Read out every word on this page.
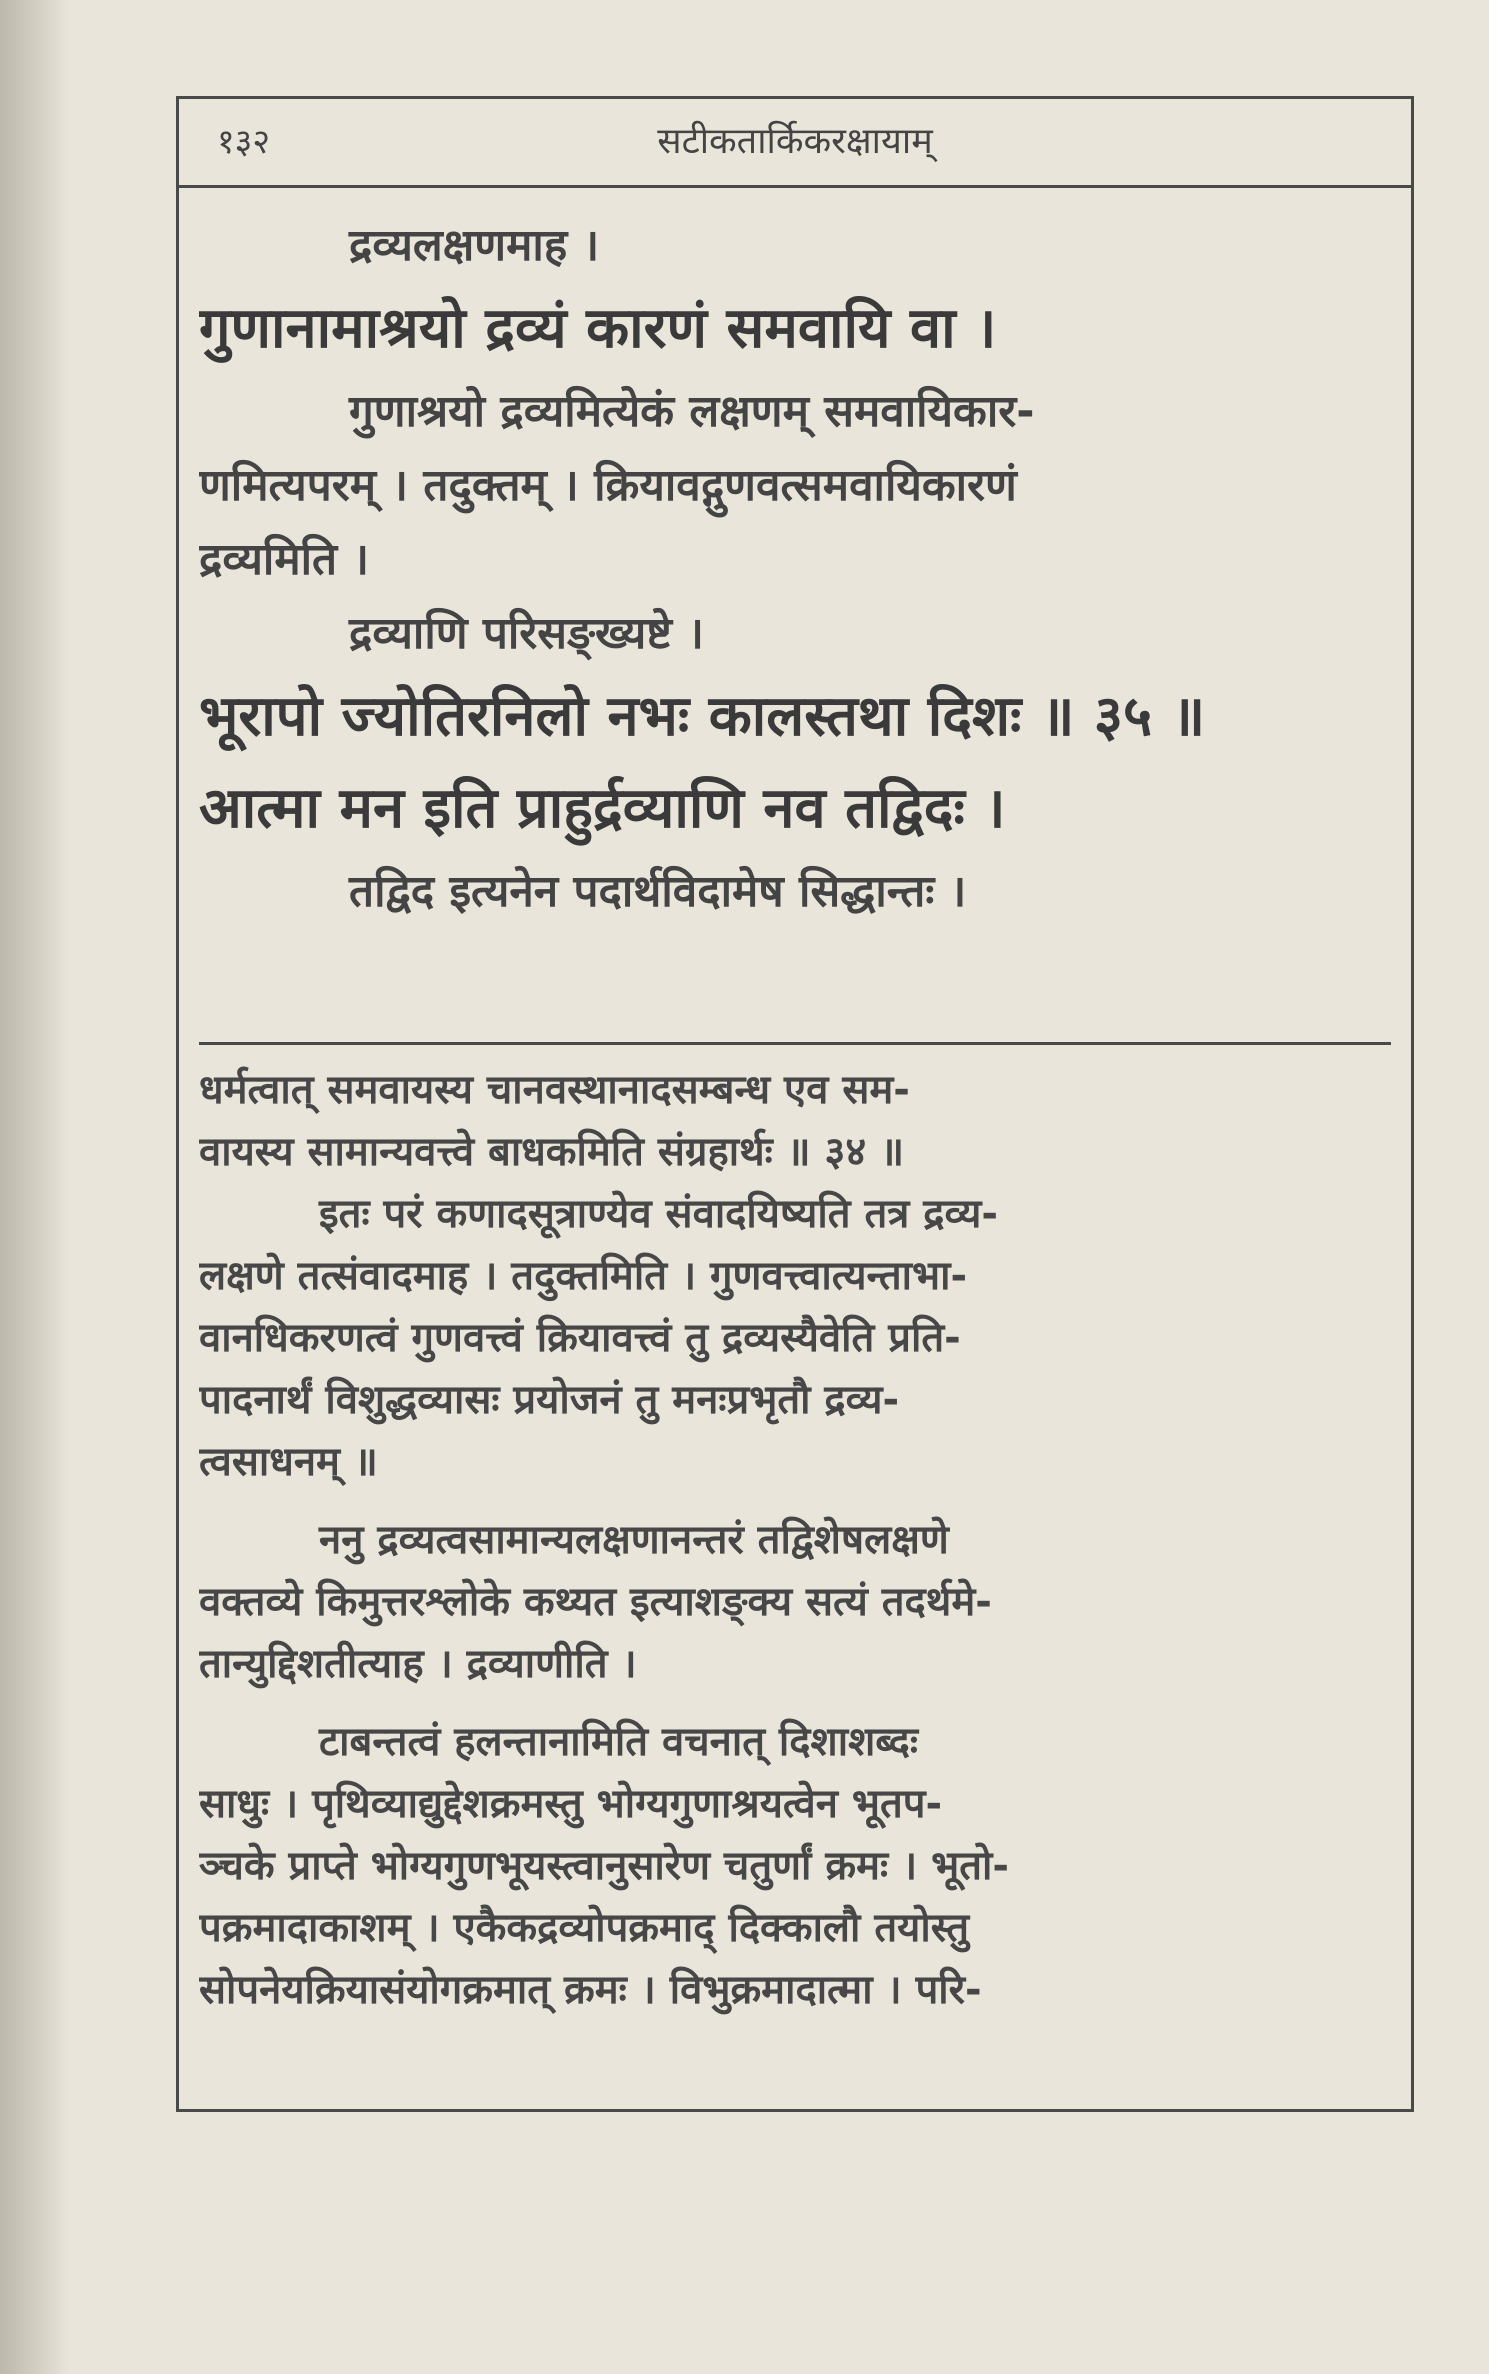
१३२	सटीकतार्किकरक्षायाम्
द्रव्यलक्षणमाह ।
गुणानामाश्रयो द्रव्यं कारणं समवायि वा ।
गुणाश्रयो द्रव्यमित्येकं लक्षणम् समवायिकार-
णमित्यपरम् । तदुक्तम् । क्रियावद्गुणवत्समवायिकारणं
द्रव्यमिति ।
द्रव्याणि परिसङ्ख्यष्टे ।
भूरापो ज्योतिरनिलो नभः कालस्तथा दिशः ॥ ३५ ॥
आत्मा मन इति प्राहुर्द्रव्याणि नव तद्विदः ।
तद्विद इत्यनेन पदार्थविदामेष सिद्धान्तः ।
धर्मत्वात् समवायस्य चानवस्थानादसम्बन्ध एव सम-
वायस्य सामान्यवत्त्वे बाधकमिति संग्रहार्थः ॥ ३४ ॥
इतः परं कणादसूत्राण्येव संवादयिष्यति तत्र द्रव्य-
लक्षणे तत्संवादमाह । तदुक्तमिति । गुणवत्त्वात्यन्ताभा-
वानधिकरणत्वं गुणवत्त्वं क्रियावत्त्वं तु द्रव्यस्यैवेति प्रति-
पादनार्थं विशुद्धव्यासः प्रयोजनं तु मनःप्रभृतौ द्रव्य-
त्वसाधनम् ॥
ननु द्रव्यत्वसामान्यलक्षणानन्तरं तद्विशेषलक्षणे
वक्तव्ये किमुत्तरश्लोके कथ्यत इत्याशङ्क्य सत्यं तदर्थमे-
तान्युद्दिशतीत्याह । द्रव्याणीति ।
टाबन्तत्वं हलन्तानामिति वचनात् दिशाशब्दः
साधुः । पृथिव्याद्युद्देशक्रमस्तु भोग्यगुणाश्रयत्वेन भूतप-
ञ्चके प्राप्ते भोग्यगुणभूयस्त्वानुसारेण चतुर्णां क्रमः । भूतो-
पक्रमादाकाशम् । एकैकद्रव्योपक्रमाद् दिक्कालौ तयोस्तु
सोपनेयक्रियासंयोगक्रमात् क्रमः । विभुक्रमादात्मा । परि-
